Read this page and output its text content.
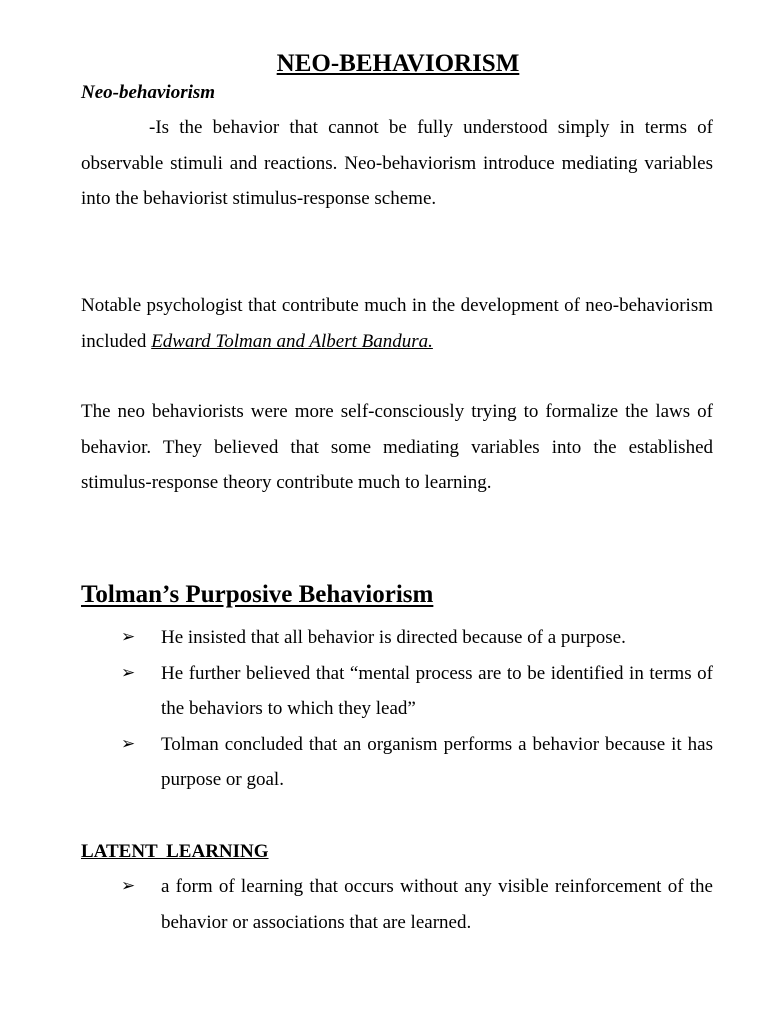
NEO-BEHAVIORISM

Neo-behaviorism

-Is the behavior that cannot be fully understood simply in terms of observable stimuli and reactions. Neo-behaviorism introduce mediating variables into the behaviorist stimulus-response scheme.

Notable psychologist that contribute much in the development of neo-behaviorism included Edward Tolman and Albert Bandura.

The neo behaviorists were more self-consciously trying to formalize the laws of behavior. They believed that some mediating variables into the established stimulus-response theory contribute much to learning.

Tolman’s Purposive Behaviorism
➢ He insisted that all behavior is directed because of a purpose.
➢ He further believed that “mental process are to be identified in terms of the behaviors to which they lead”
➢ Tolman concluded that an organism performs a behavior because it has purpose or goal.
LATENT LEARNING
➢ a form of learning that occurs without any visible reinforcement of the behavior or associations that are learned.
